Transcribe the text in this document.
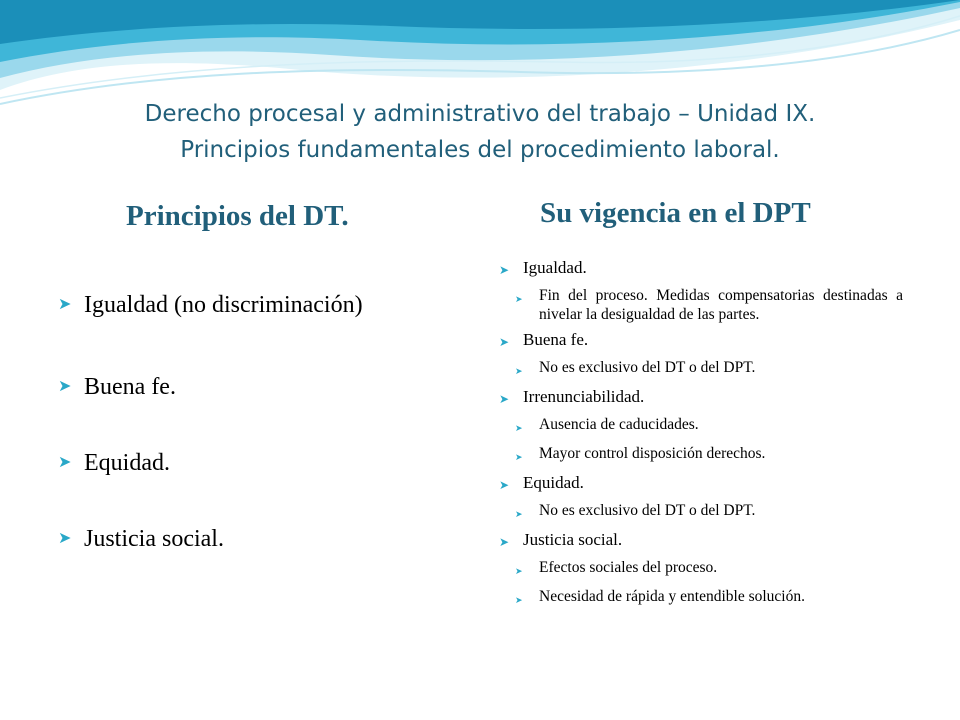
Derecho procesal y administrativo del trabajo – Unidad IX.
Principios fundamentales del procedimiento laboral.
Principios del DT.	Su vigencia en el DPT
➤ Igualdad (no discriminación)
➤ Buena fe.
➤ Equidad.
➤ Justicia social.
➤ Igualdad.
➤	Fin del proceso. Medidas compensatorias destinadas a nivelar la desigualdad de las partes.
➤ Buena fe.
➤	No es exclusivo del DT o del DPT.
➤ Irrenunciabilidad.
➤	Ausencia de caducidades.
➤	Mayor control disposición derechos.
➤ Equidad.
➤	No es exclusivo del DT o del DPT.
➤ Justicia social.
➤	Efectos sociales del proceso.
➤	Necesidad de rápida y entendible solución.
